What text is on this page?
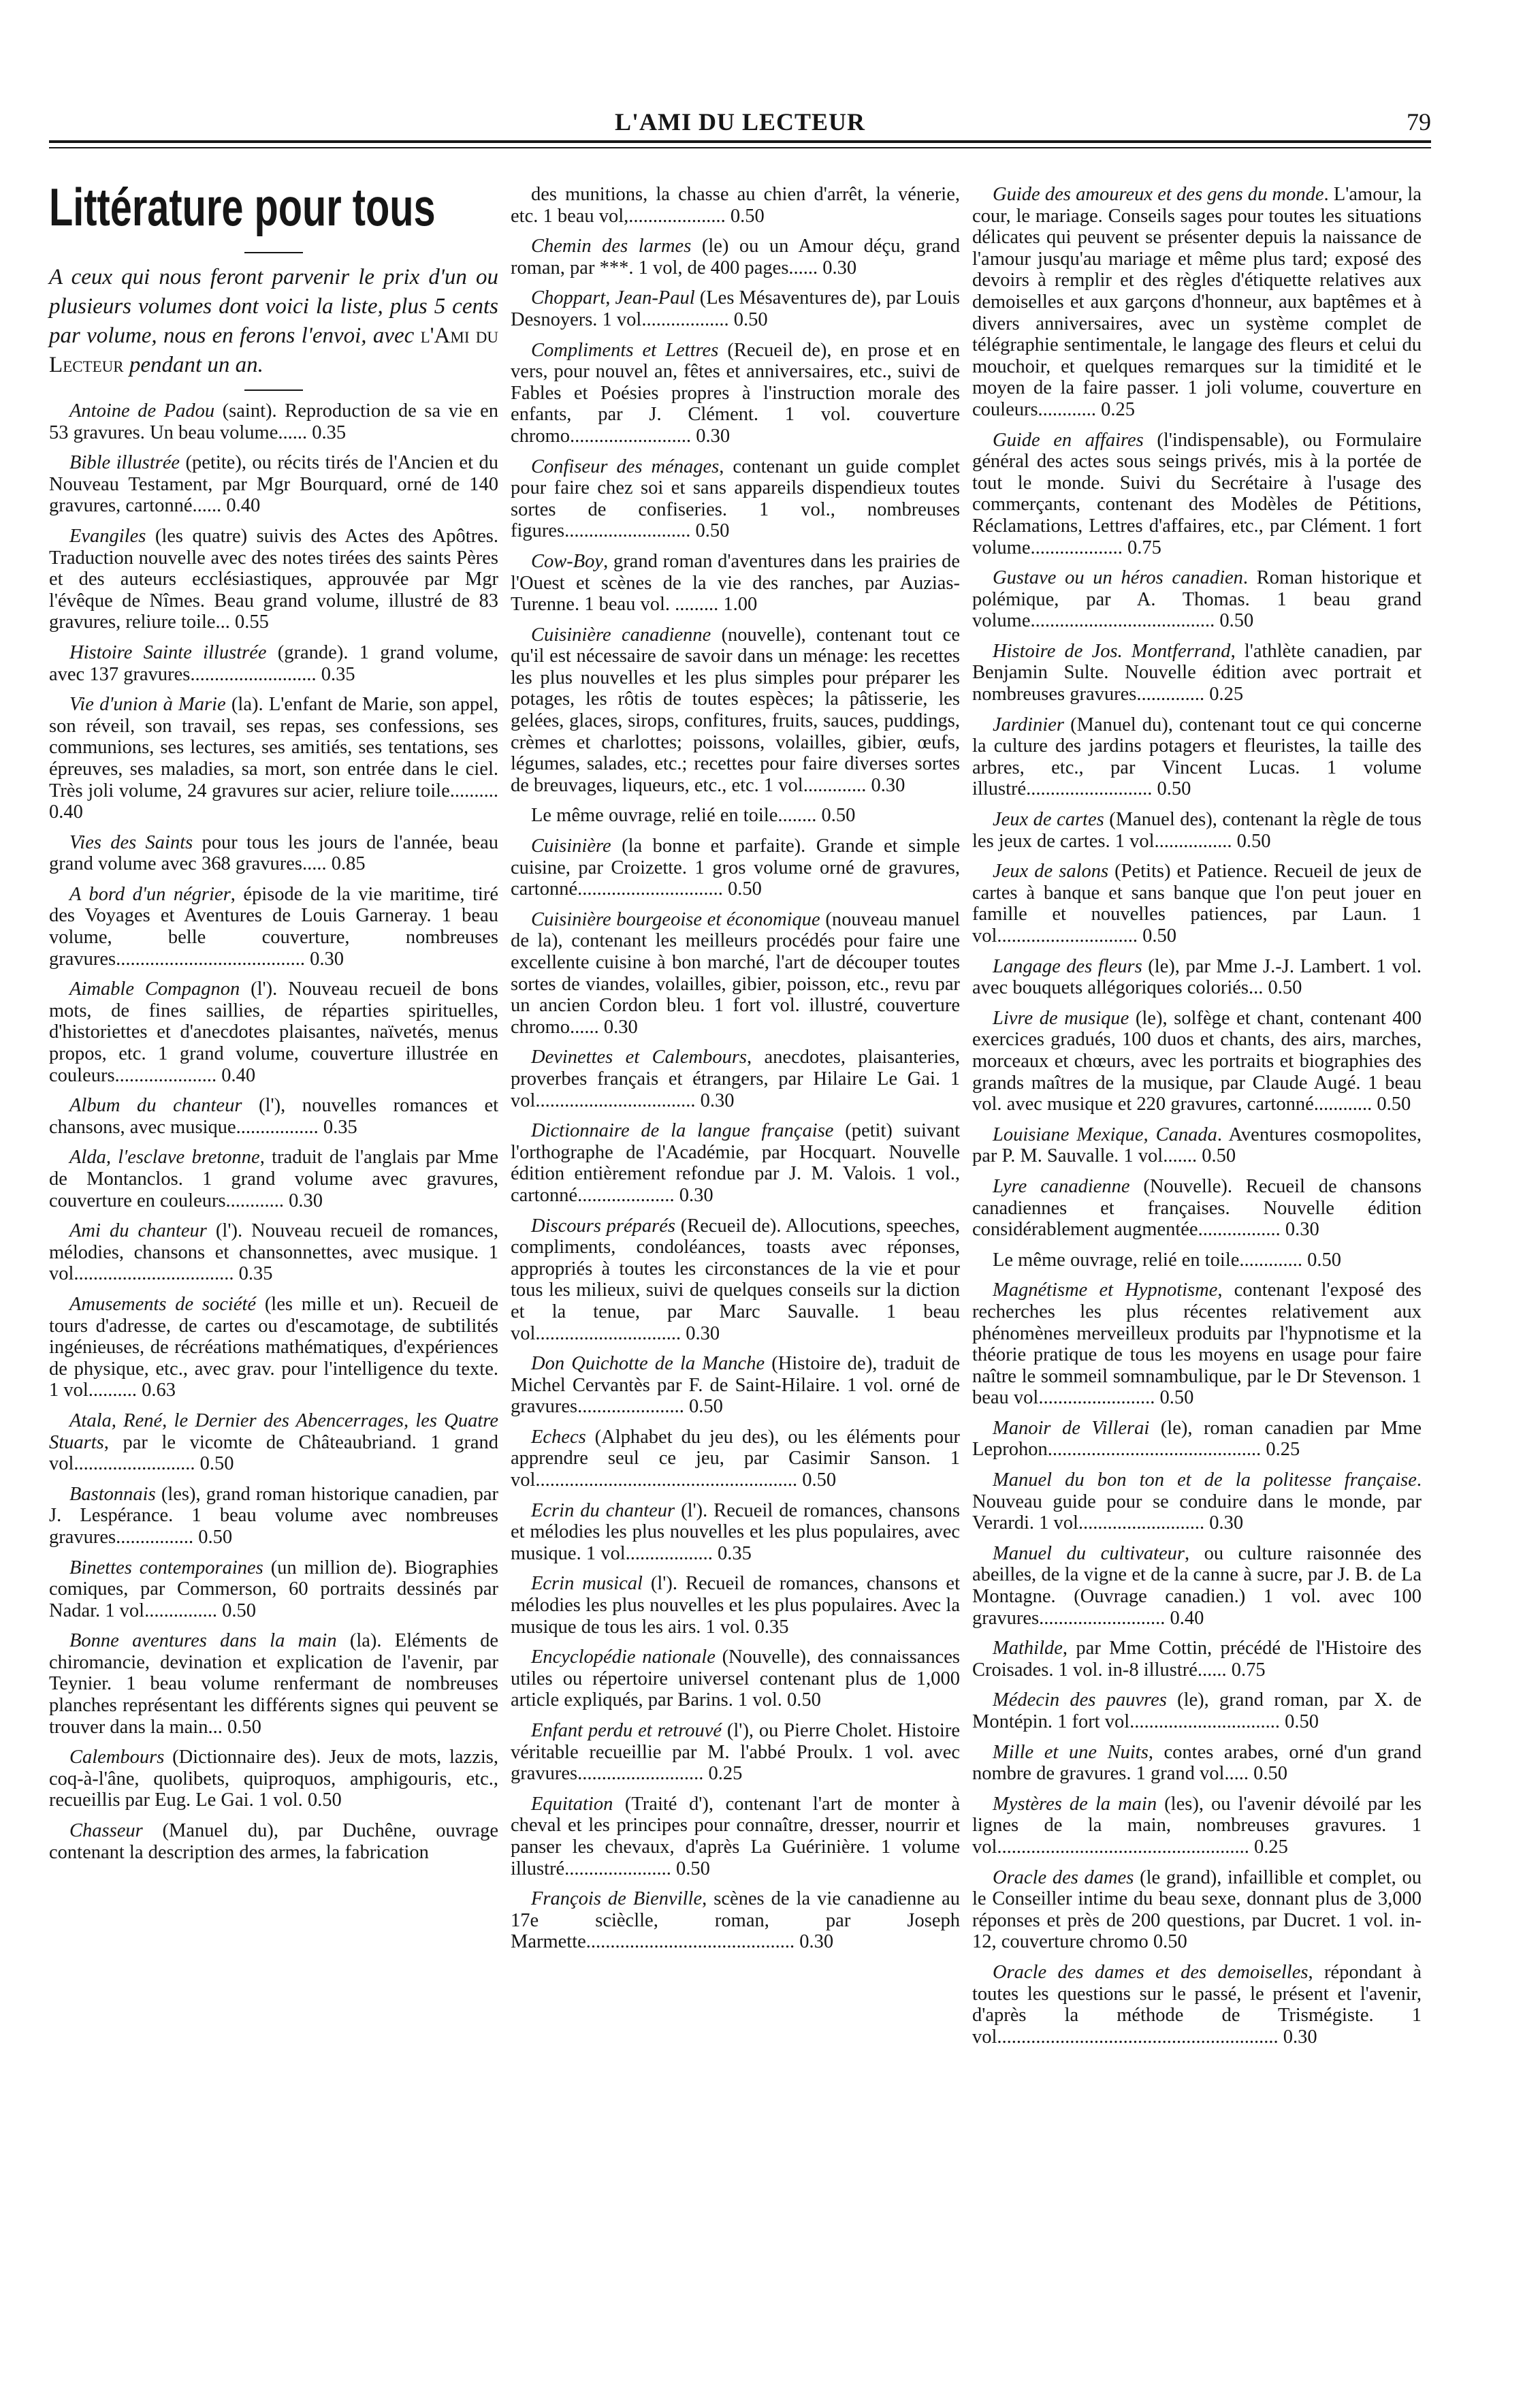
L'AMI DU LECTEUR	79
Littérature pour tous

A ceux qui nous feront parvenir le prix d'un ou plusieurs volumes dont voici la liste, plus 5 cents par volume, nous en ferons l'envoi, avec l'Ami du Lecteur pendant un an.

Antoine de Padou (saint). Reproduction de sa vie en 53 gravures. Un beau volume...... 0.35

Bible illustrée (petite), ou récits tirés de l'Ancien et du Nouveau Testament, par Mgr Bourquard, orné de 140 gravures, cartonné...... 0.40

Evangiles (les quatre) suivis des Actes des Apôtres. Traduction nouvelle avec des notes tirées des saints Pères et des auteurs ecclésiastiques, approuvée par Mgr l'évêque de Nîmes. Beau grand volume, illustré de 83 gravures, reliure toile... 0.55

Histoire Sainte illustrée (grande). 1 grand volume, avec 137 gravures.......................... 0.35

Vie d'union à Marie (la). L'enfant de Marie, son appel, son réveil, son travail, ses repas, ses confessions, ses communions, ses lectures, ses amitiés, ses tentations, ses épreuves, ses maladies, sa mort, son entrée dans le ciel. Très joli volume, 24 gravures sur acier, reliure toile.......... 0.40

Vies des Saints pour tous les jours de l'année, beau grand volume avec 368 gravures..... 0.85

A bord d'un négrier, épisode de la vie maritime, tiré des Voyages et Aventures de Louis Garneray. 1 beau volume, belle couverture, nombreuses gravures....................................... 0.30

Aimable Compagnon (l'). Nouveau recueil de bons mots, de fines saillies, de réparties spirituelles, d'historiettes et d'anecdotes plaisantes, naïvetés, menus propos, etc. 1 grand volume, couverture illustrée en couleurs..................... 0.40

Album du chanteur (l'), nouvelles romances et chansons, avec musique................. 0.35

Alda, l'esclave bretonne, traduit de l'anglais par Mme de Montanclos. 1 grand volume avec gravures, couverture en couleurs............ 0.30

Ami du chanteur (l'). Nouveau recueil de romances, mélodies, chansons et chansonnettes, avec musique. 1 vol................................. 0.35

Amusements de société (les mille et un). Recueil de tours d'adresse, de cartes ou d'escamotage, de subtilités ingénieuses, de récréations mathématiques, d'expériences de physique, etc., avec grav. pour l'intelligence du texte. 1 vol.......... 0.63

Atala, René, le Dernier des Abencerrages, les Quatre Stuarts, par le vicomte de Châteaubriand. 1 grand vol......................... 0.50

Bastonnais (les), grand roman historique canadien, par J. Lespérance. 1 beau volume avec nombreuses gravures................ 0.50

Binettes contemporaines (un million de). Biographies comiques, par Commerson, 60 portraits dessinés par Nadar. 1 vol............... 0.50

Bonne aventures dans la main (la). Eléments de chiromancie, devination et explication de l'avenir, par Teynier. 1 beau volume renfermant de nombreuses planches représentant les différents signes qui peuvent se trouver dans la main... 0.50

Calembours (Dictionnaire des). Jeux de mots, lazzis, coq-à-l'âne, quolibets, quiproquos, amphigouris, etc., recueillis par Eug. Le Gai. 1 vol. 0.50

Chasseur (Manuel du), par Duchêne, ouvrage contenant la description des armes, la fabrication

des munitions, la chasse au chien d'arrêt, la vénerie, etc. 1 beau vol,.................... 0.50

Chemin des larmes (le) ou un Amour déçu, grand roman, par ***. 1 vol, de 400 pages...... 0.30

Choppart, Jean-Paul (Les Mésaventures de), par Louis Desnoyers. 1 vol.................. 0.50

Compliments et Lettres (Recueil de), en prose et en vers, pour nouvel an, fêtes et anniversaires, etc., suivi de Fables et Poésies propres à l'instruction morale des enfants, par J. Clément. 1 vol. couverture chromo......................... 0.30

Confiseur des ménages, contenant un guide complet pour faire chez soi et sans appareils dispendieux toutes sortes de confiseries. 1 vol., nombreuses figures.......................... 0.50

Cow-Boy, grand roman d'aventures dans les prairies de l'Ouest et scènes de la vie des ranches, par Auzias-Turenne. 1 beau vol. ......... 1.00

Cuisinière canadienne (nouvelle), contenant tout ce qu'il est nécessaire de savoir dans un ménage: les recettes les plus nouvelles et les plus simples pour préparer les potages, les rôtis de toutes espèces; la pâtisserie, les gelées, glaces, sirops, confitures, fruits, sauces, puddings, crèmes et charlottes; poissons, volailles, gibier, œufs, légumes, salades, etc.; recettes pour faire diverses sortes de breuvages, liqueurs, etc., etc. 1 vol............. 0.30

Le même ouvrage, relié en toile........ 0.50

Cuisinière (la bonne et parfaite). Grande et simple cuisine, par Croizette. 1 gros volume orné de gravures, cartonné.............................. 0.50

Cuisinière bourgeoise et économique (nouveau manuel de la), contenant les meilleurs procédés pour faire une excellente cuisine à bon marché, l'art de découper toutes sortes de viandes, volailles, gibier, poisson, etc., revu par un ancien Cordon bleu. 1 fort vol. illustré, couverture chromo...... 0.30

Devinettes et Calembours, anecdotes, plaisanteries, proverbes français et étrangers, par Hilaire Le Gai. 1 vol................................. 0.30

Dictionnaire de la langue française (petit) suivant l'orthographe de l'Académie, par Hocquart. Nouvelle édition entièrement refondue par J. M. Valois. 1 vol., cartonné.................... 0.30

Discours préparés (Recueil de). Allocutions, speeches, compliments, condoléances, toasts avec réponses, appropriés à toutes les circonstances de la vie et pour tous les milieux, suivi de quelques conseils sur la diction et la tenue, par Marc Sauvalle. 1 beau vol.............................. 0.30

Don Quichotte de la Manche (Histoire de), traduit de Michel Cervantès par F. de Saint-Hilaire. 1 vol. orné de gravures...................... 0.50

Echecs (Alphabet du jeu des), ou les éléments pour apprendre seul ce jeu, par Casimir Sanson. 1 vol...................................................... 0.50

Ecrin du chanteur (l'). Recueil de romances, chansons et mélodies les plus nouvelles et les plus populaires, avec musique. 1 vol.................. 0.35

Ecrin musical (l'). Recueil de romances, chansons et mélodies les plus nouvelles et les plus populaires. Avec la musique de tous les airs. 1 vol. 0.35

Encyclopédie nationale (Nouvelle), des connaissances utiles ou répertoire universel contenant plus de 1,000 article expliqués, par Barins. 1 vol. 0.50

Enfant perdu et retrouvé (l'), ou Pierre Cholet. Histoire véritable recueillie par M. l'abbé Proulx. 1 vol. avec gravures.......................... 0.25

Equitation (Traité d'), contenant l'art de monter à cheval et les principes pour connaître, dresser, nourrir et panser les chevaux, d'après La Guérinière. 1 volume illustré...................... 0.50

François de Bienville, scènes de la vie canadienne au 17e scièclle, roman, par Joseph Marmette........................................... 0.30

Guide des amoureux et des gens du monde. L'amour, la cour, le mariage. Conseils sages pour toutes les situations délicates qui peuvent se présenter depuis la naissance de l'amour jusqu'au mariage et même plus tard; exposé des devoirs à remplir et des règles d'étiquette relatives aux demoiselles et aux garçons d'honneur, aux baptêmes et à divers anniversaires, avec un système complet de télégraphie sentimentale, le langage des fleurs et celui du mouchoir, et quelques remarques sur la timidité et le moyen de la faire passer. 1 joli volume, couverture en couleurs............ 0.25

Guide en affaires (l'indispensable), ou Formulaire général des actes sous seings privés, mis à la portée de tout le monde. Suivi du Secrétaire à l'usage des commerçants, contenant des Modèles de Pétitions, Réclamations, Lettres d'affaires, etc., par Clément. 1 fort volume................... 0.75

Gustave ou un héros canadien. Roman historique et polémique, par A. Thomas. 1 beau grand volume...................................... 0.50

Histoire de Jos. Montferrand, l'athlète canadien, par Benjamin Sulte. Nouvelle édition avec portrait et nombreuses gravures.............. 0.25

Jardinier (Manuel du), contenant tout ce qui concerne la culture des jardins potagers et fleuristes, la taille des arbres, etc., par Vincent Lucas. 1 volume illustré.......................... 0.50

Jeux de cartes (Manuel des), contenant la règle de tous les jeux de cartes. 1 vol................ 0.50

Jeux de salons (Petits) et Patience. Recueil de jeux de cartes à banque et sans banque que l'on peut jouer en famille et nouvelles patiences, par Laun. 1 vol............................. 0.50

Langage des fleurs (le), par Mme J.-J. Lambert. 1 vol. avec bouquets allégoriques coloriés... 0.50

Livre de musique (le), solfège et chant, contenant 400 exercices gradués, 100 duos et chants, des airs, marches, morceaux et chœurs, avec les portraits et biographies des grands maîtres de la musique, par Claude Augé. 1 beau vol. avec musique et 220 gravures, cartonné............ 0.50

Louisiane Mexique, Canada. Aventures cosmopolites, par P. M. Sauvalle. 1 vol....... 0.50

Lyre canadienne (Nouvelle). Recueil de chansons canadiennes et françaises. Nouvelle édition considérablement augmentée................. 0.30

Le même ouvrage, relié en toile............. 0.50

Magnétisme et Hypnotisme, contenant l'exposé des recherches les plus récentes relativement aux phénomènes merveilleux produits par l'hypnotisme et la théorie pratique de tous les moyens en usage pour faire naître le sommeil somnambulique, par le Dr Stevenson. 1 beau vol........................ 0.50

Manoir de Villerai (le), roman canadien par Mme Leprohon............................................ 0.25

Manuel du bon ton et de la politesse française. Nouveau guide pour se conduire dans le monde, par Verardi. 1 vol.......................... 0.30

Manuel du cultivateur, ou culture raisonnée des abeilles, de la vigne et de la canne à sucre, par J. B. de La Montagne. (Ouvrage canadien.) 1 vol. avec 100 gravures.......................... 0.40

Mathilde, par Mme Cottin, précédé de l'Histoire des Croisades. 1 vol. in-8 illustré...... 0.75

Médecin des pauvres (le), grand roman, par X. de Montépin. 1 fort vol............................... 0.50

Mille et une Nuits, contes arabes, orné d'un grand nombre de gravures. 1 grand vol..... 0.50

Mystères de la main (les), ou l'avenir dévoilé par les lignes de la main, nombreuses gravures. 1 vol.................................................... 0.25

Oracle des dames (le grand), infaillible et complet, ou le Conseiller intime du beau sexe, donnant plus de 3,000 réponses et près de 200 questions, par Ducret. 1 vol. in-12, couverture chromo 0.50

Oracle des dames et des demoiselles, répondant à toutes les questions sur le passé, le présent et l'avenir, d'après la méthode de Trismégiste. 1 vol.......................................................... 0.30
